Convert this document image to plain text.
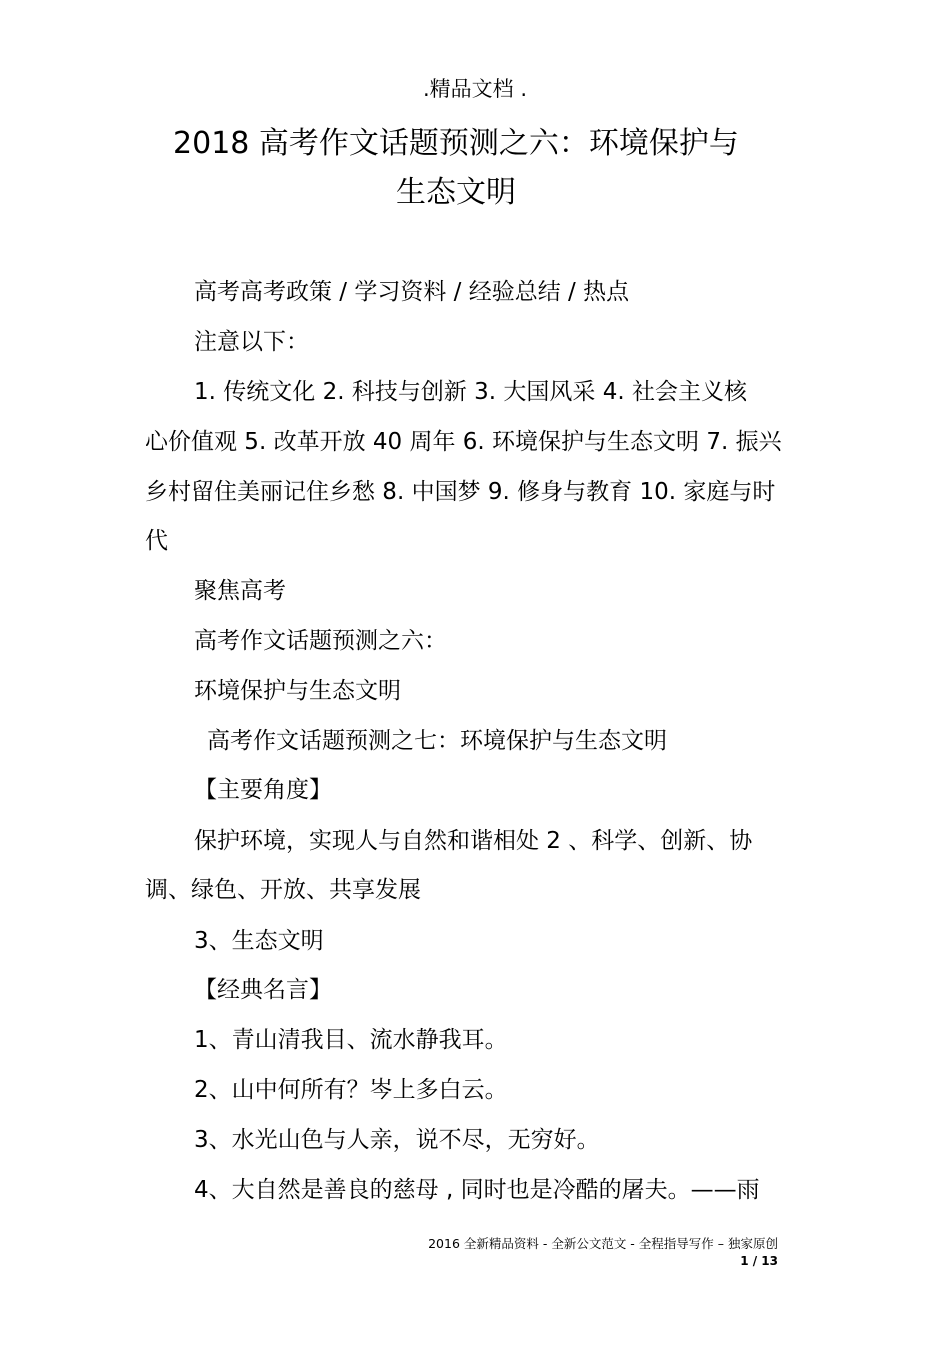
.精品文档 .
2018 高考作文话题预测之六：环境保护与
生态文明
高考高考政策 / 学习资料 / 经验总结 / 热点
注意以下：
1. 传统文化 2. 科技与创新 3. 大国风采 4. 社会主义核
心价值观 5. 改革开放 40 周年 6. 环境保护与生态文明 7. 振兴
乡村留住美丽记住乡愁 8. 中国梦 9. 修身与教育 10. 家庭与时
代
聚焦高考
高考作文话题预测之六：
环境保护与生态文明
高考作文话题预测之七：环境保护与生态文明
【主要角度】
保护环境，实现人与自然和谐相处 2 、科学、创新、协
调、绿色、开放、共享发展
3、生态文明
【经典名言】
1、青山清我目、流水静我耳。
2、山中何所有？岑上多白云。
3、水光山色与人亲，说不尽，无穷好。
4、大自然是善良的慈母 , 同时也是冷酷的屠夫。——雨
2016 全新精品资料 - 全新公文范文 - 全程指导写作 – 独家原创
1 / 13
